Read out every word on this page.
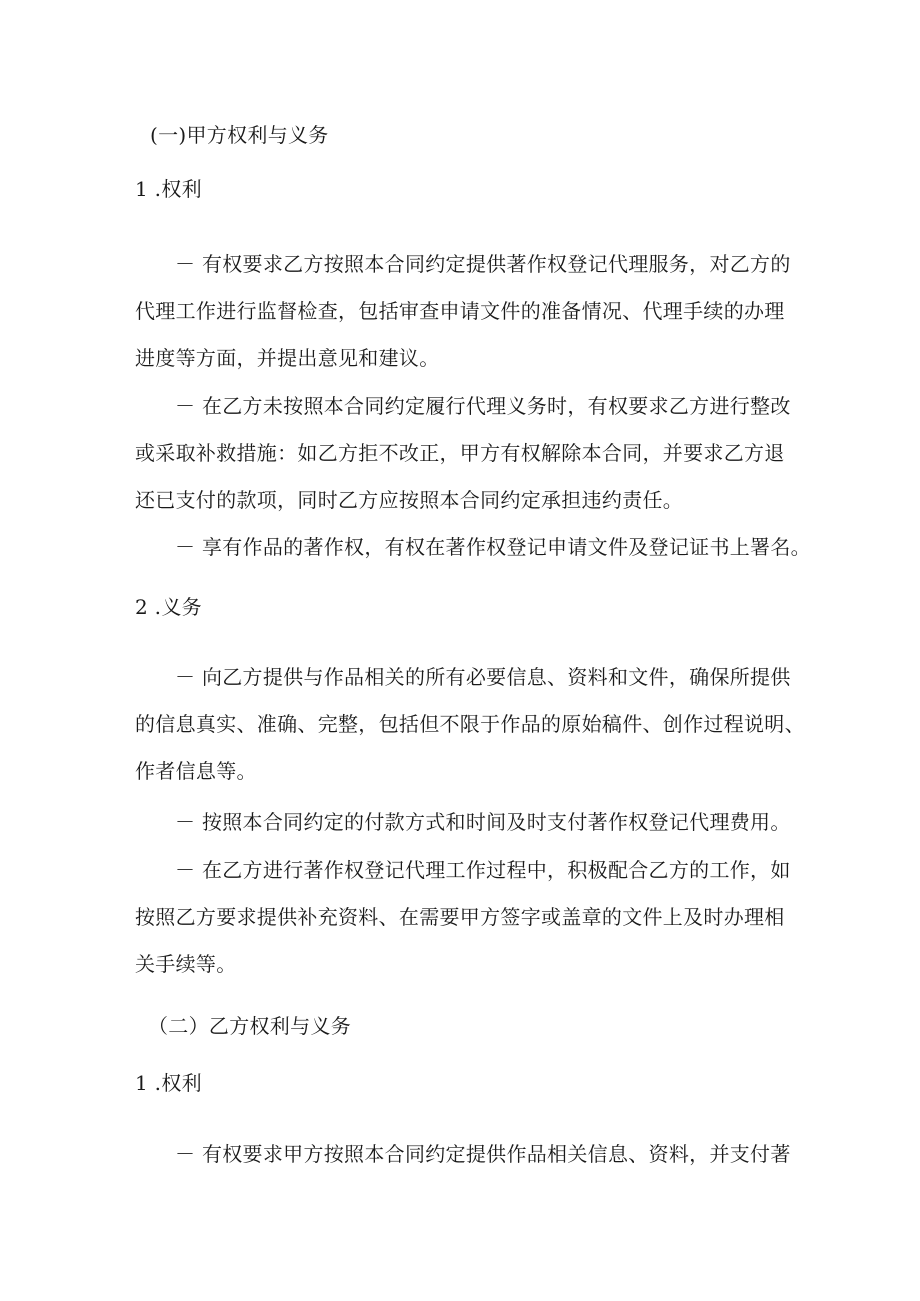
(一)甲方权利与义务
1 .权利
－ 有权要求乙方按照本合同约定提供著作权登记代理服务，对乙方的
代理工作进行监督检查，包括审查申请文件的准备情况、代理手续的办理
进度等方面，并提出意见和建议。
－ 在乙方未按照本合同约定履行代理义务时，有权要求乙方进行整改
或采取补救措施：如乙方拒不改正，甲方有权解除本合同，并要求乙方退
还已支付的款项，同时乙方应按照本合同约定承担违约责任。
－ 享有作品的著作权，有权在著作权登记申请文件及登记证书上署名。
2 .义务
－ 向乙方提供与作品相关的所有必要信息、资料和文件，确保所提供
的信息真实、准确、完整，包括但不限于作品的原始稿件、创作过程说明、
作者信息等。
－ 按照本合同约定的付款方式和时间及时支付著作权登记代理费用。
－ 在乙方进行著作权登记代理工作过程中，积极配合乙方的工作，如
按照乙方要求提供补充资料、在需要甲方签字或盖章的文件上及时办理相
关手续等。
（二）乙方权利与义务
1 .权利
－ 有权要求甲方按照本合同约定提供作品相关信息、资料，并支付著
